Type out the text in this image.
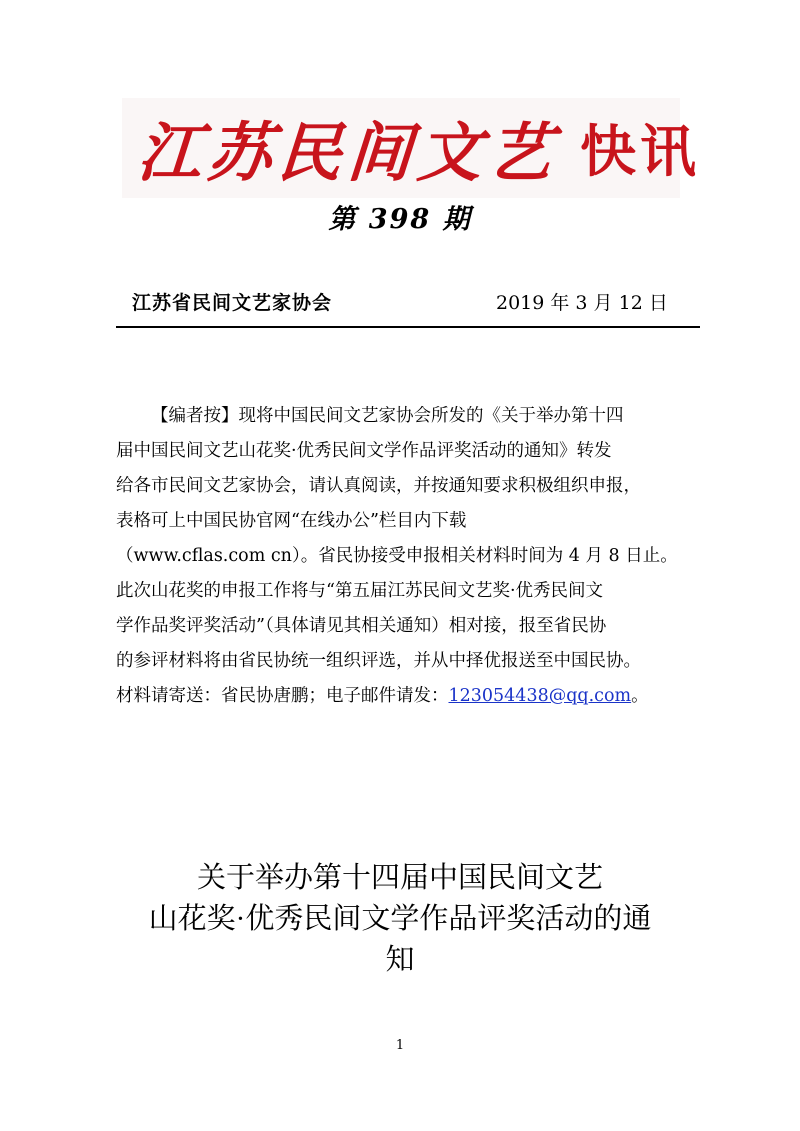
江苏民间文艺 快讯
第 398 期
江苏省民间文艺家协会	2019 年 3 月 12 日

【编者按】现将中国民间文艺家协会所发的《关于举办第十四

届中国民间文艺山花奖·优秀民间文学作品评奖活动的通知》转发

给各市民间文艺家协会，请认真阅读，并按通知要求积极组织申报，

表格可上中国民协官网“在线办公”栏目内下载

（www.cflas.com cn）。省民协接受申报相关材料时间为 4 月 8 日止。

此次山花奖的申报工作将与“第五届江苏民间文艺奖·优秀民间文

学作品奖评奖活动”（具体请见其相关通知）相对接，报至省民协

的参评材料将由省民协统一组织评选，并从中择优报送至中国民协。

材料请寄送：省民协唐鹏；电子邮件请发：123054438@qq.com。

关于举办第十四届中国民间文艺
山花奖·优秀民间文学作品评奖活动的通
知
1
